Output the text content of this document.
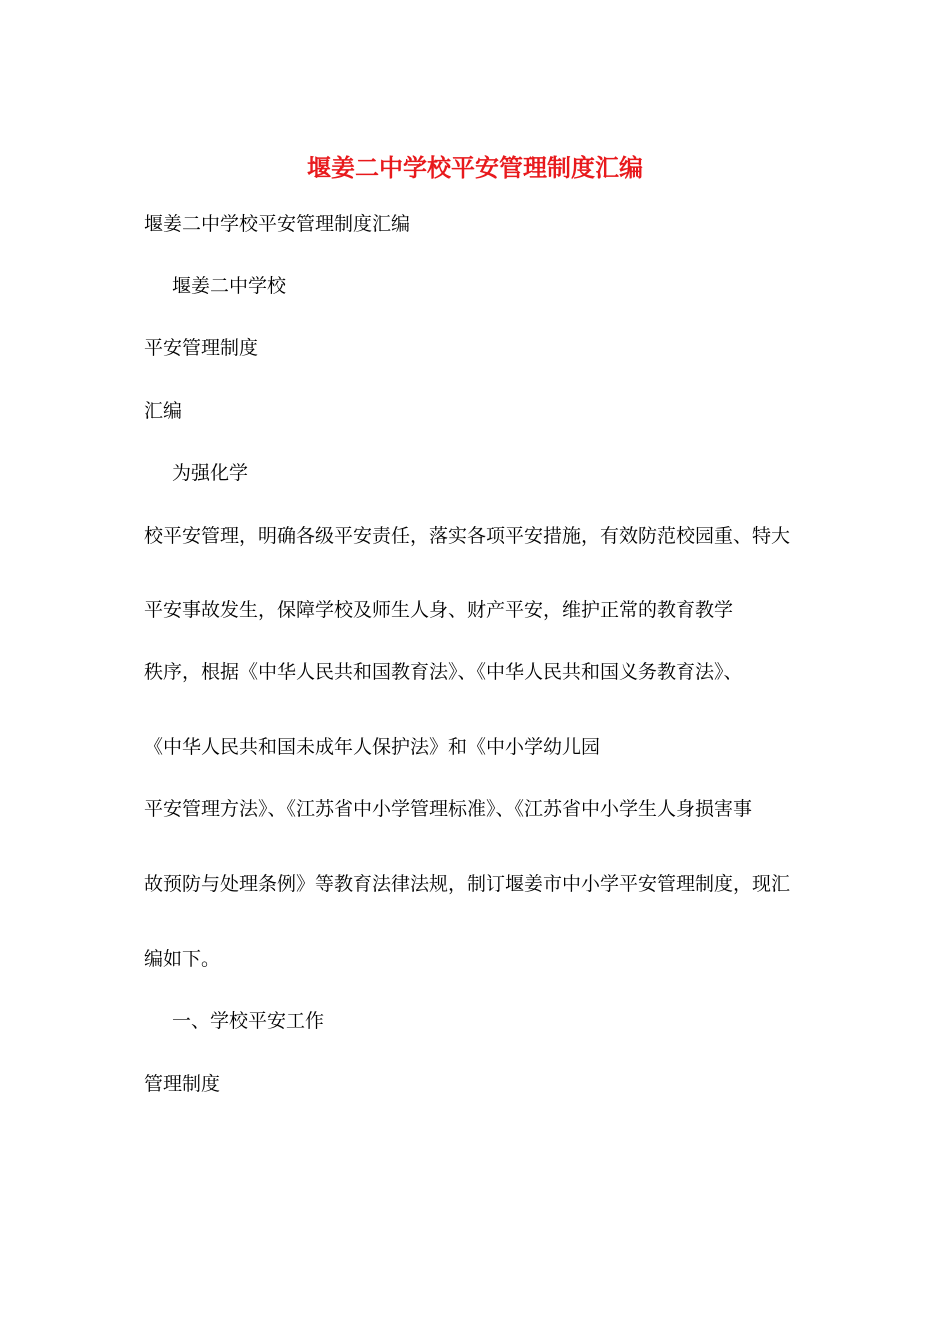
堰姜二中学校平安管理制度汇编
堰姜二中学校平安管理制度汇编
堰姜二中学校
平安管理制度
汇编
为强化学
校平安管理，明确各级平安责任，落实各项平安措施，有效防范校园重、特大
平安事故发生，保障学校及师生人身、财产平安，维护正常的教育教学
秩序，根据《中华人民共和国教育法》、《中华人民共和国义务教育法》、
《中华人民共和国未成年人保护法》和《中小学幼儿园
平安管理方法》、《江苏省中小学管理标准》、《江苏省中小学生人身损害事
故预防与处理条例》等教育法律法规，制订堰姜市中小学平安管理制度，现汇
编如下。
一、学校平安工作
管理制度
